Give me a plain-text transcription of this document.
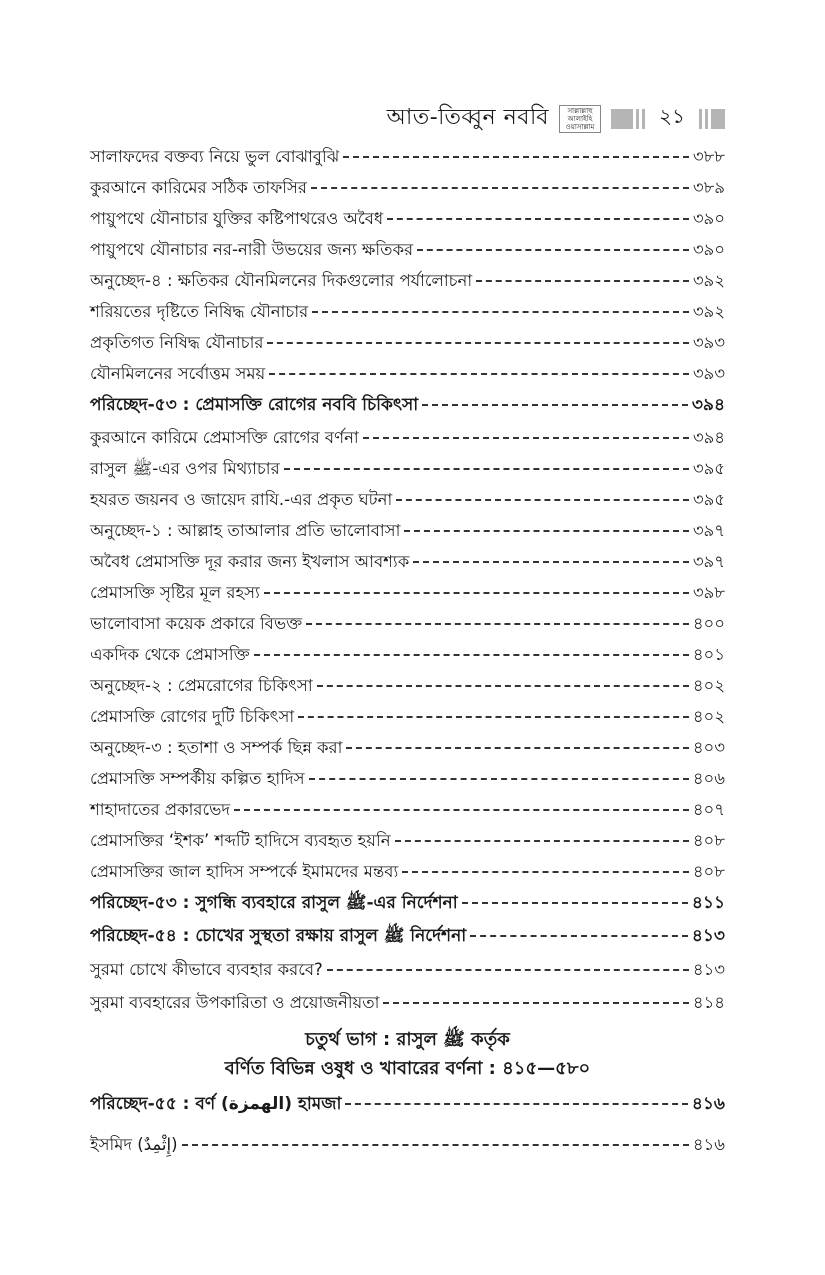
আত-তিব্বুন নববি	সাল্লাল্লাহু আলাইহি ওয়াসাল্লাম	২১
সালাফদের বক্তব্য নিয়ে ভুল বোঝাবুঝি	৩৮৮
কুরআনে কারিমের সঠিক তাফসির	৩৮৯
পায়ুপথে যৌনাচার যুক্তির কষ্টিপাথরেও অবৈধ	৩৯০
পায়ুপথে যৌনাচার নর-নারী উভয়ের জন্য ক্ষতিকর	৩৯০
অনুচ্ছেদ-৪ : ক্ষতিকর যৌনমিলনের দিকগুলোর পর্যালোচনা	৩৯২
শরিয়তের দৃষ্টিতে নিষিদ্ধ যৌনাচার	৩৯২
প্রকৃতিগত নিষিদ্ধ যৌনাচার	৩৯৩
যৌনমিলনের সর্বোত্তম সময়	৩৯৩
পরিচ্ছেদ-৫৩ : প্রেমাসক্তি রোগের নববি চিকিৎসা	৩৯৪
কুরআনে কারিমে প্রেমাসক্তি রোগের বর্ণনা	৩৯৪
রাসুল ﷺ-এর ওপর মিথ্যাচার	৩৯৫
হযরত জয়নব ও জায়েদ রাযি.-এর প্রকৃত ঘটনা	৩৯৫
অনুচ্ছেদ-১ : আল্লাহ তাআলার প্রতি ভালোবাসা	৩৯৭
অবৈধ প্রেমাসক্তি দূর করার জন্য ইখলাস আবশ্যক	৩৯৭
প্রেমাসক্তি সৃষ্টির মূল রহস্য	৩৯৮
ভালোবাসা কয়েক প্রকারে বিভক্ত	৪০০
একদিক থেকে প্রেমাসক্তি	৪০১
অনুচ্ছেদ-২ : প্রেমরোগের চিকিৎসা	৪০২
প্রেমাসক্তি রোগের দুটি চিকিৎসা	৪০২
অনুচ্ছেদ-৩ : হতাশা ও সম্পর্ক ছিন্ন করা	৪০৩
প্রেমাসক্তি সম্পর্কীয় কল্পিত হাদিস	৪০৬
শাহাদাতের প্রকারভেদ	৪০৭
প্রেমাসক্তির ‘ইশক’ শব্দটি হাদিসে ব্যবহৃত হয়নি	৪০৮
প্রেমাসক্তির জাল হাদিস সম্পর্কে ইমামদের মন্তব্য	৪০৮
পরিচ্ছেদ-৫৩ : সুগন্ধি ব্যবহারে রাসুল ﷺ-এর নির্দেশনা	৪১১
পরিচ্ছেদ-৫৪ : চোখের সুস্থতা রক্ষায় রাসুল ﷺ নির্দেশনা	৪১৩
সুরমা চোখে কীভাবে ব্যবহার করবে?	৪১৩
সুরমা ব্যবহারের উপকারিতা ও প্রয়োজনীয়তা	৪১৪
চতুর্থ ভাগ : রাসুল ﷺ কর্তৃক
বর্ণিত বিভিন্ন ওষুধ ও খাবারের বর্ণনা : ৪১৫—৫৮০
পরিচ্ছেদ-৫৫ : বর্ণ (الهمزة) হামজা	৪১৬
ইসমিদ (إِثْمِدٌ)	৪১৬
